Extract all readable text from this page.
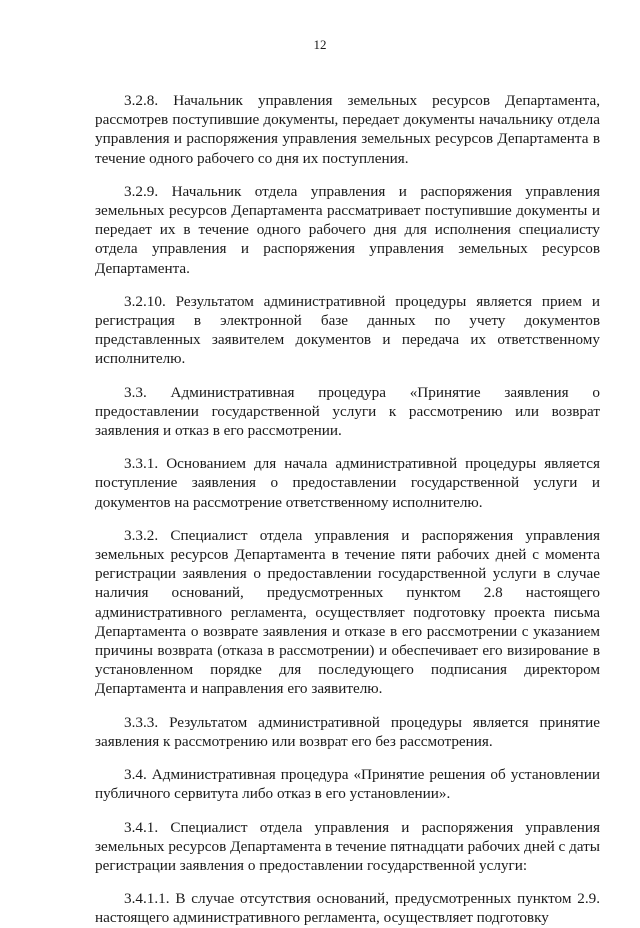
12

3.2.8. Начальник управления земельных ресурсов Департамента, рассмотрев поступившие документы, передает документы начальнику отдела управления и распоряжения управления земельных ресурсов Департамента в течение одного рабочего со дня их поступления.

3.2.9. Начальник отдела управления и распоряжения управления земельных ресурсов Департамента рассматривает поступившие документы и передает их в течение одного рабочего дня для исполнения специалисту отдела управления и распоряжения управления земельных ресурсов Департамента.

3.2.10. Результатом административной процедуры является прием и регистрация в электронной базе данных по учету документов представленных заявителем документов и передача их ответственному исполнителю.

3.3. Административная процедура «Принятие заявления о предоставлении государственной услуги к рассмотрению или возврат заявления и отказ в его рассмотрении.

3.3.1. Основанием для начала административной процедуры является поступление заявления о предоставлении государственной услуги и документов на рассмотрение ответственному исполнителю.

3.3.2. Специалист отдела управления и распоряжения управления земельных ресурсов Департамента в течение пяти рабочих дней с момента регистрации заявления о предоставлении государственной услуги в случае наличия оснований, предусмотренных пунктом 2.8 настоящего административного регламента, осуществляет подготовку проекта письма Департамента о возврате заявления и отказе в его рассмотрении с указанием причины возврата (отказа в рассмотрении) и обеспечивает его визирование в установленном порядке для последующего подписания директором Департамента и направления его заявителю.

3.3.3. Результатом административной процедуры является принятие заявления к рассмотрению или возврат его без рассмотрения.

3.4. Административная процедура «Принятие решения об установлении публичного сервитута либо отказ в его установлении».

3.4.1. Специалист отдела управления и распоряжения управления земельных ресурсов Департамента в течение пятнадцати рабочих дней с даты регистрации заявления о предоставлении государственной услуги:

3.4.1.1. В случае отсутствия оснований, предусмотренных пунктом 2.9. настоящего административного регламента, осуществляет подготовку
